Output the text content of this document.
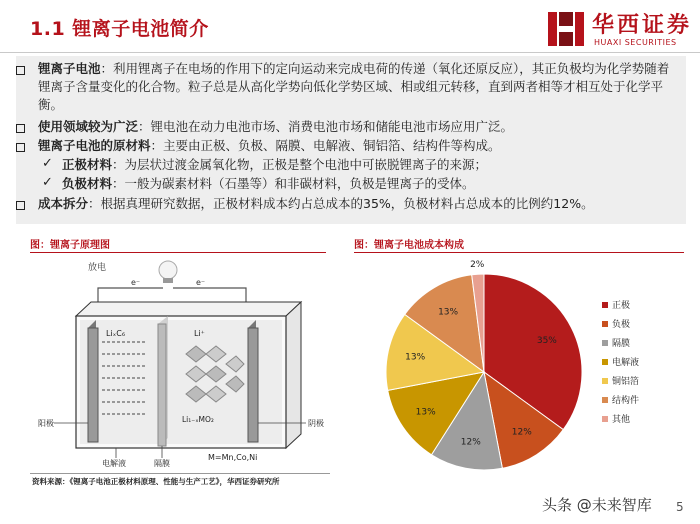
1.1 锂离子电池简介	华西证券
HUAXI SECURITIES
锂离子电池：利用锂离子在电场的作用下的定向运动来完成电荷的传递（氧化还原反应），其正负极均为化学势随着锂离子含量变化的化合物。粒子总是从高化学势向低化学势区域、相或组元转移，直到两者相等才相互处于化学平衡。
使用领域较为广泛：锂电池在动力电池市场、消费电池市场和储能电池市场应用广泛。
锂离子电池的原材料：主要由正极、负极、隔膜、电解液、铜铝箔、结构件等构成。
✓ 正极材料：为层状过渡金属氧化物，正极是整个电池中可嵌脱锂离子的来源；
✓ 负极材料：一般为碳素材料（石墨等）和非碳材料，负极是锂离子的受体。
成本拆分：根据真理研究数据，正极材料成本约占总成本的35%，负极材料占总成本的比例约12%。
图：锂离子原理图	图：锂离子电池成本构成
放电
e⁻	e⁻
LiₓC₆	Li⁺
Li₁₋ₓMO₂
阳极	阴极
电解液	隔膜
M=Mn,Co,Ni
35%
12%
12%
13%
13%
13%
2%
正极
负极
隔膜
电解液
铜铝箔
结构件
其他
资料来源：《锂离子电池正极材料原理、性能与生产工艺》，华西证券研究所
头条 @未来智库 5
